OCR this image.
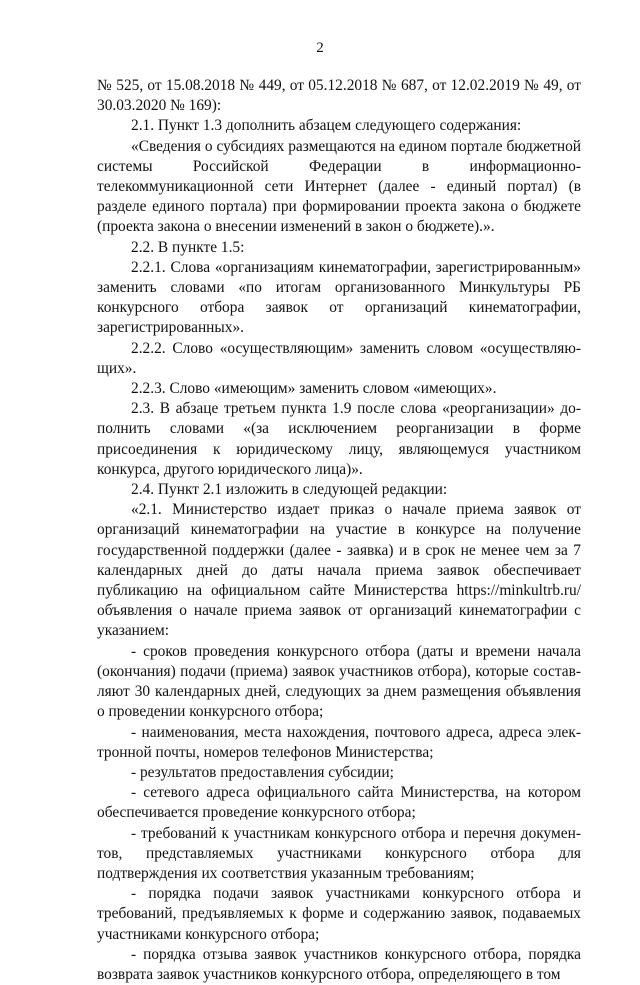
2

№ 525, от 15.08.2018 № 449, от 05.12.2018 № 687, от 12.02.2019 № 49, от 30.03.2020 № 169):

2.1. Пункт 1.3 дополнить абзацем следующего содержания:

«Сведения о субсидиях размещаются на едином портале бюджетной системы Российской Федерации в информационно-телекоммуникационной сети Интернет (далее - единый портал) (в разделе единого портала) при формировании проекта закона о бюджете (проекта закона о внесении изменений в закон о бюджете).».

2.2. В пункте 1.5:

2.2.1. Слова «организациям кинематографии, зарегистрированным» заменить словами «по итогам организованного Минкультуры РБ конкурсного отбора заявок от организаций кинематографии, зарегистрированных».

2.2.2. Слово «осуществляющим» заменить словом «осуществляющих».

2.2.3. Слово «имеющим» заменить словом «имеющих».

2.3. В абзаце третьем пункта 1.9 после слова «реорганизации» дополнить словами «(за исключением реорганизации в форме присоединения к юридическому лицу, являющемуся участником конкурса, другого юридического лица)».

2.4. Пункт 2.1 изложить в следующей редакции:

«2.1. Министерство издает приказ о начале приема заявок от организаций кинематографии на участие в конкурсе на получение государственной поддержки (далее - заявка) и в срок не менее чем за 7 календарных дней до даты начала приема заявок обеспечивает публикацию на официальном сайте Министерства https://minkultrb.ru/ объявления о начале приема заявок от организаций кинематографии с указанием:

- сроков проведения конкурсного отбора (даты и времени начала (окончания) подачи (приема) заявок участников отбора), которые составляют 30 календарных дней, следующих за днем размещения объявления о проведении конкурсного отбора;

- наименования, места нахождения, почтового адреса, адреса электронной почты, номеров телефонов Министерства;

- результатов предоставления субсидии;

- сетевого адреса официального сайта Министерства, на котором обеспечивается проведение конкурсного отбора;

- требований к участникам конкурсного отбора и перечня документов, представляемых участниками конкурсного отбора для подтверждения их соответствия указанным требованиям;

- порядка подачи заявок участниками конкурсного отбора и требований, предъявляемых к форме и содержанию заявок, подаваемых участниками конкурсного отбора;

- порядка отзыва заявок участников конкурсного отбора, порядка возврата заявок участников конкурсного отбора, определяющего в том
